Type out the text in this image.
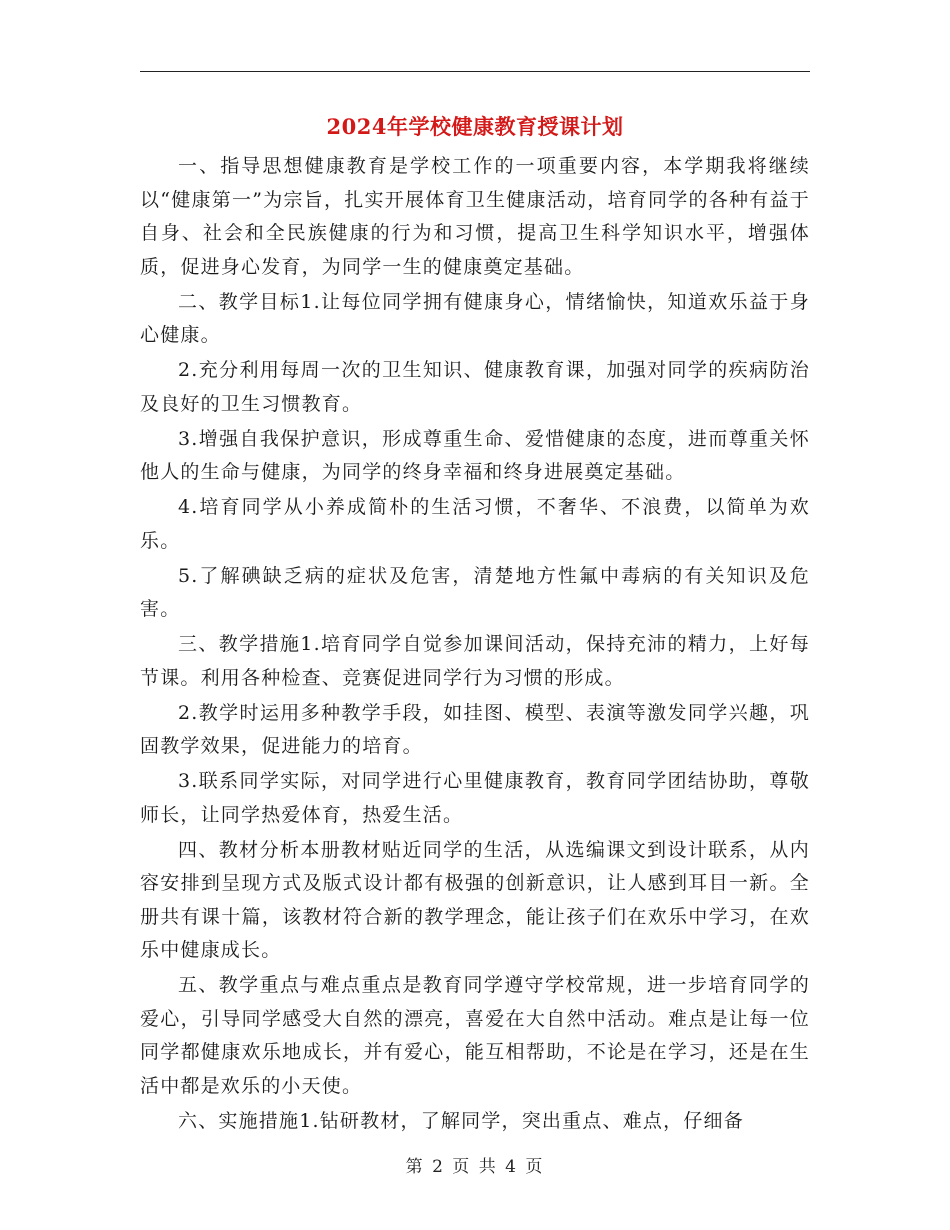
2024年学校健康教育授课计划

一、指导思想健康教育是学校工作的一项重要内容，本学期我将继续以“健康第一”为宗旨，扎实开展体育卫生健康活动，培育同学的各种有益于自身、社会和全民族健康的行为和习惯，提高卫生科学知识水平，增强体质，促进身心发育，为同学一生的健康奠定基础。

二、教学目标1.让每位同学拥有健康身心，情绪愉快，知道欢乐益于身心健康。

2.充分利用每周一次的卫生知识、健康教育课，加强对同学的疾病防治及良好的卫生习惯教育。

3.增强自我保护意识，形成尊重生命、爱惜健康的态度，进而尊重关怀他人的生命与健康，为同学的终身幸福和终身进展奠定基础。

4.培育同学从小养成简朴的生活习惯，不奢华、不浪费，以简单为欢乐。

5.了解碘缺乏病的症状及危害，清楚地方性氟中毒病的有关知识及危害。

三、教学措施1.培育同学自觉参加课间活动，保持充沛的精力，上好每节课。利用各种检查、竞赛促进同学行为习惯的形成。

2.教学时运用多种教学手段，如挂图、模型、表演等激发同学兴趣，巩固教学效果，促进能力的培育。

3.联系同学实际，对同学进行心里健康教育，教育同学团结协助，尊敬师长，让同学热爱体育，热爱生活。

四、教材分析本册教材贴近同学的生活，从选编课文到设计联系，从内容安排到呈现方式及版式设计都有极强的创新意识，让人感到耳目一新。全册共有课十篇，该教材符合新的教学理念，能让孩子们在欢乐中学习，在欢乐中健康成长。

五、教学重点与难点重点是教育同学遵守学校常规，进一步培育同学的爱心，引导同学感受大自然的漂亮，喜爱在大自然中活动。难点是让每一位同学都健康欢乐地成长，并有爱心，能互相帮助，不论是在学习，还是在生活中都是欢乐的小天使。

六、实施措施1.钻研教材，了解同学，突出重点、难点，仔细备

第 2 页 共 4 页
